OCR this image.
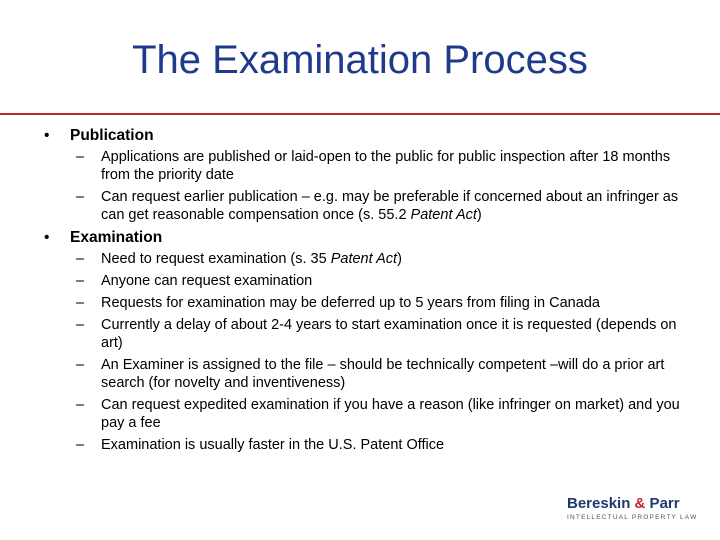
The Examination Process
• Publication
– Applications are published or laid-open to the public for public inspection after 18 months from the priority date
– Can request earlier publication – e.g. may be preferable if concerned about an infringer as can get reasonable compensation once (s. 55.2 Patent Act)
• Examination
– Need to request examination (s. 35 Patent Act)
– Anyone can request examination
– Requests for examination may be deferred up to 5 years from filing in Canada
– Currently a delay of about 2-4 years to start examination once it is requested (depends on art)
– An Examiner is assigned to the file – should be technically competent –will do a prior art search (for novelty and inventiveness)
– Can request expedited examination if you have a reason (like infringer on market) and you pay a fee
– Examination is usually faster in the U.S. Patent Office
Bereskin & Parr
INTELLECTUAL PROPERTY LAW
